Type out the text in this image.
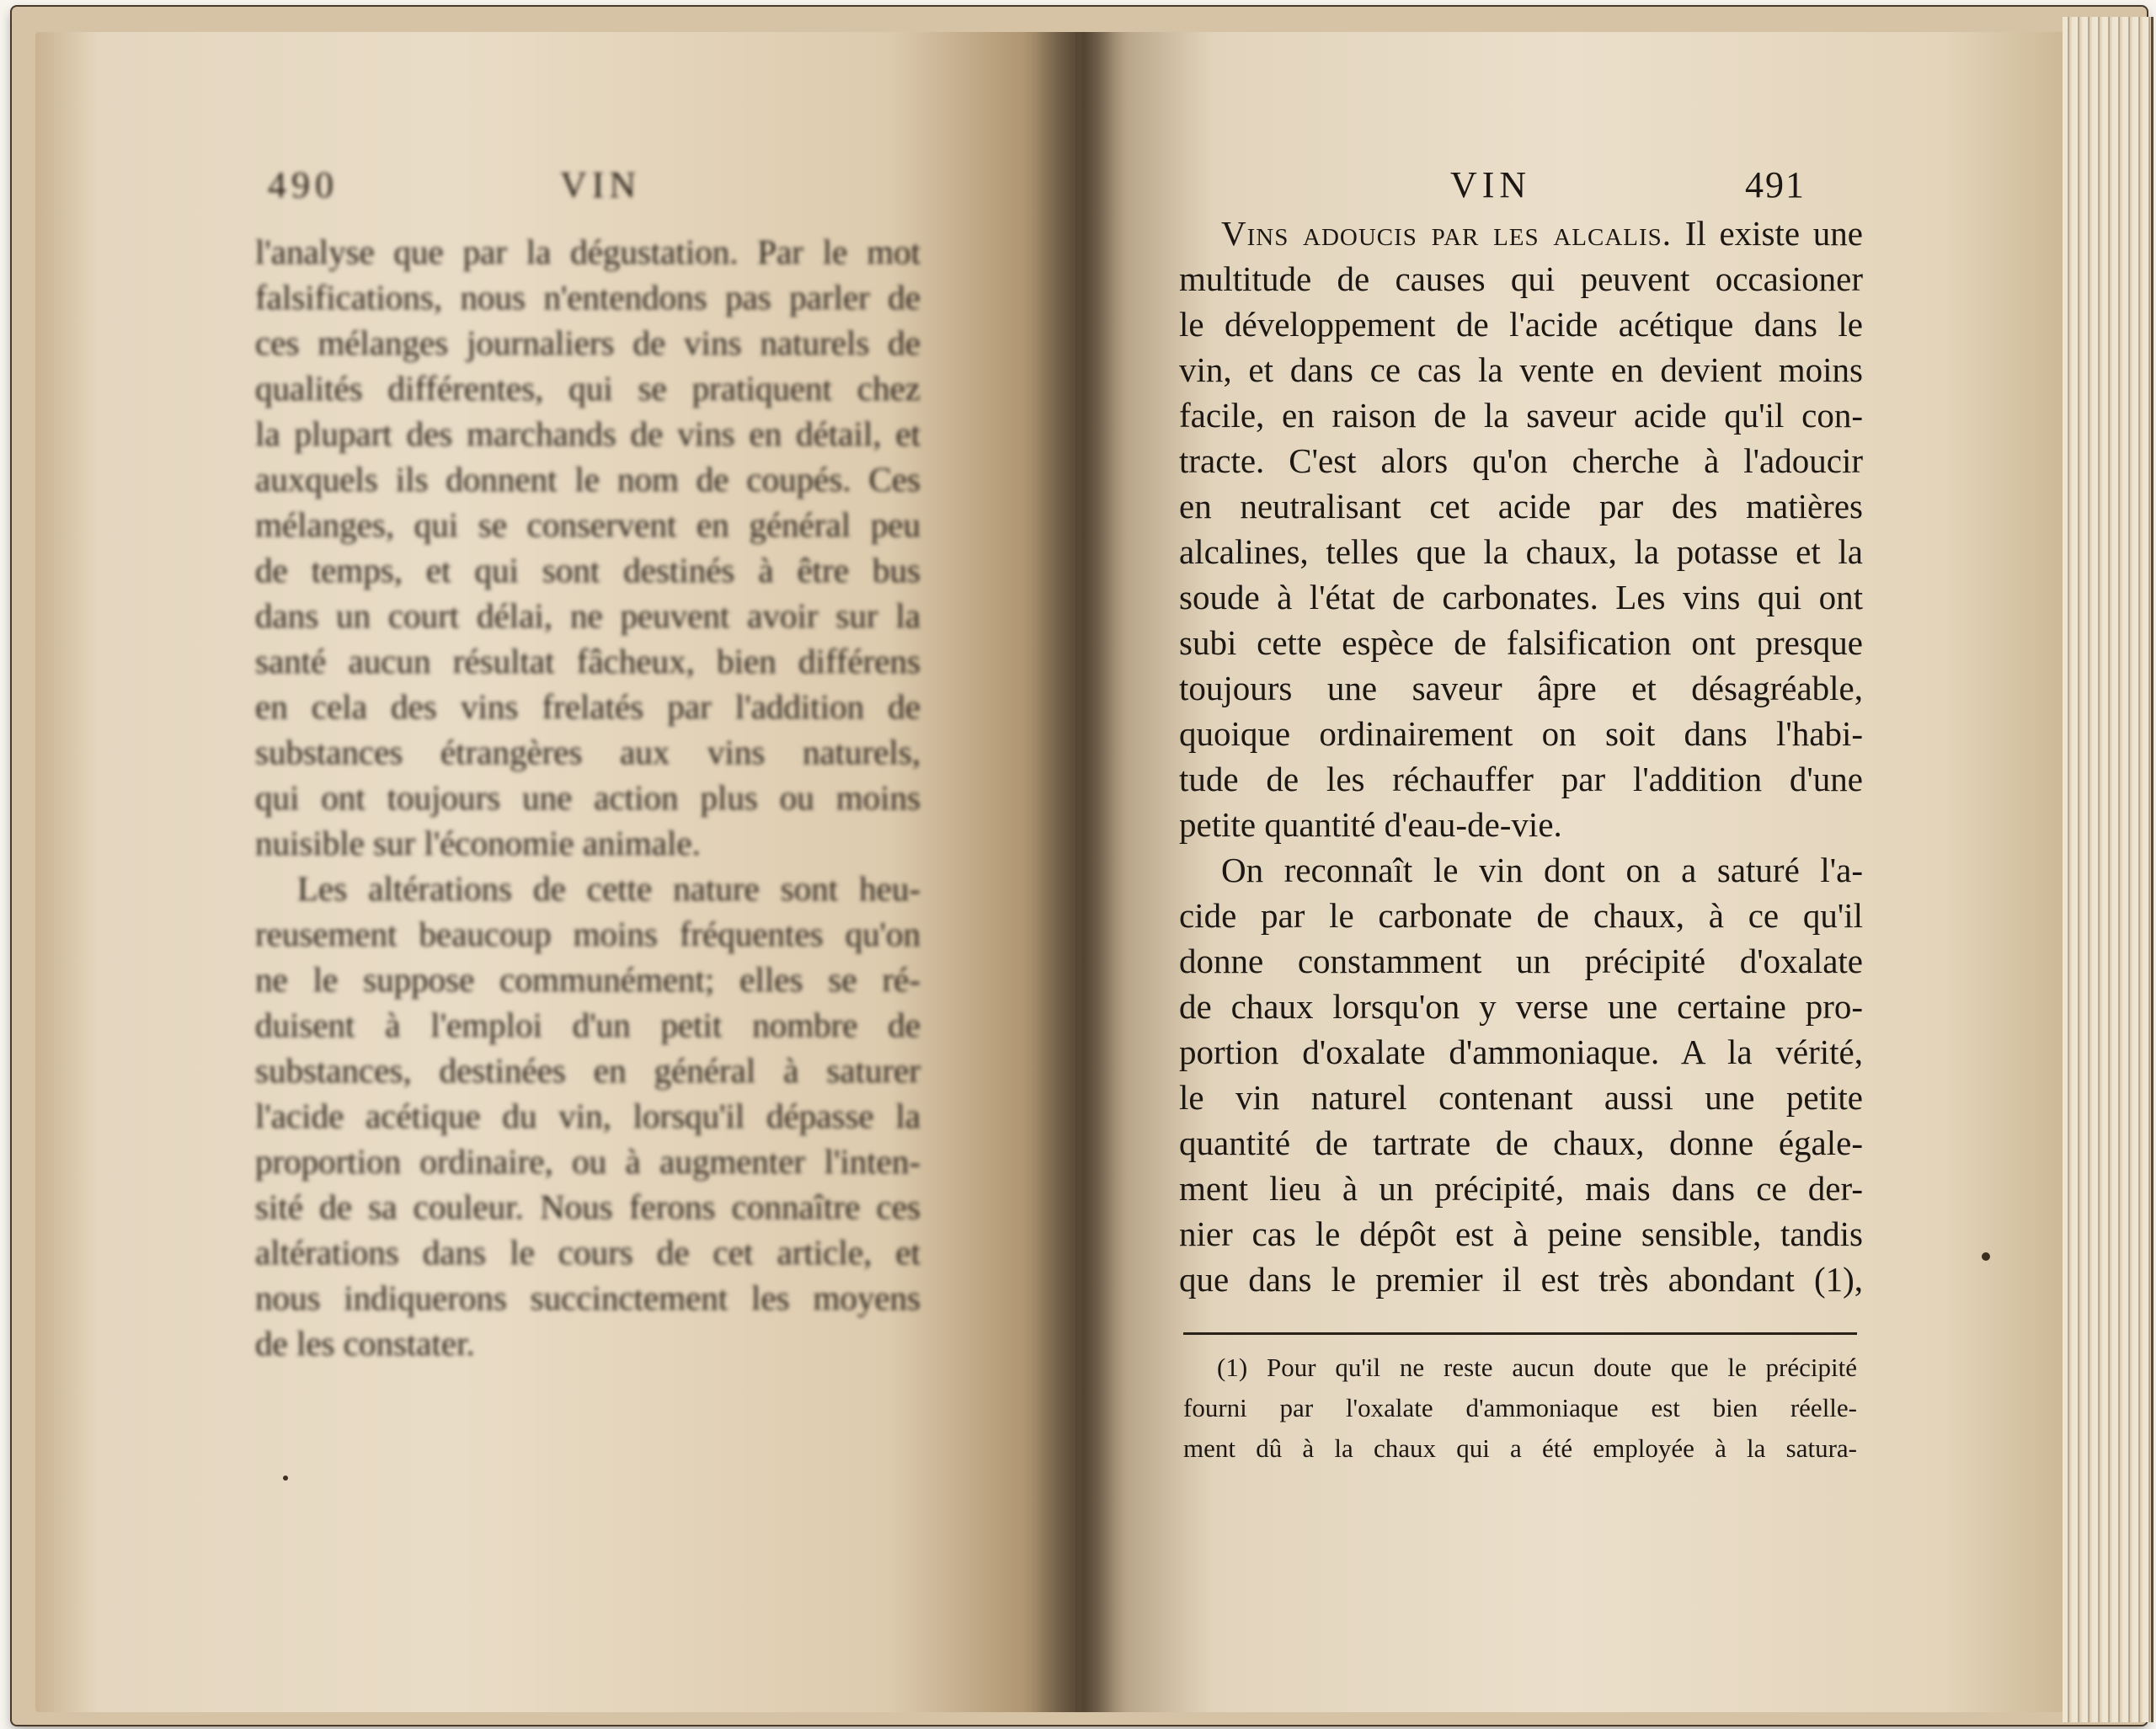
490	VIN
l'analyse que par la dégustation. Par le mot
falsifications, nous n'entendons pas parler de
ces mélanges journaliers de vins naturels de
qualités différentes, qui se pratiquent chez
la plupart des marchands de vins en détail, et
auxquels ils donnent le nom de coupés. Ces
mélanges, qui se conservent en général peu
de temps, et qui sont destinés à être bus
dans un court délai, ne peuvent avoir sur la
santé aucun résultat fâcheux, bien différens
en cela des vins frelatés par l'addition de
substances étrangères aux vins naturels,
qui ont toujours une action plus ou moins
nuisible sur l'économie animale.
Les altérations de cette nature sont heu-
reusement beaucoup moins fréquentes qu'on
ne le suppose communément; elles se ré-
duisent à l'emploi d'un petit nombre de
substances, destinées en général à saturer
l'acide acétique du vin, lorsqu'il dépasse la
proportion ordinaire, ou à augmenter l'inten-
sité de sa couleur. Nous ferons connaître ces
altérations dans le cours de cet article, et
nous indiquerons succinctement les moyens
de les constater.
VIN	491
Vins adoucis par les alcalis. Il existe une
multitude de causes qui peuvent occasioner
le développement de l'acide acétique dans le
vin, et dans ce cas la vente en devient moins
facile, en raison de la saveur acide qu'il con-
tracte. C'est alors qu'on cherche à l'adoucir
en neutralisant cet acide par des matières
alcalines, telles que la chaux, la potasse et la
soude à l'état de carbonates. Les vins qui ont
subi cette espèce de falsification ont presque
toujours une saveur âpre et désagréable,
quoique ordinairement on soit dans l'habi-
tude de les réchauffer par l'addition d'une
petite quantité d'eau-de-vie.
On reconnaît le vin dont on a saturé l'a-
cide par le carbonate de chaux, à ce qu'il
donne constamment un précipité d'oxalate
de chaux lorsqu'on y verse une certaine pro-
portion d'oxalate d'ammoniaque. A la vérité,
le vin naturel contenant aussi une petite
quantité de tartrate de chaux, donne égale-
ment lieu à un précipité, mais dans ce der-
nier cas le dépôt est à peine sensible, tandis
que dans le premier il est très abondant (1),
(1) Pour qu'il ne reste aucun doute que le précipité
fourni par l'oxalate d'ammoniaque est bien réelle-
ment dû à la chaux qui a été employée à la satura-
